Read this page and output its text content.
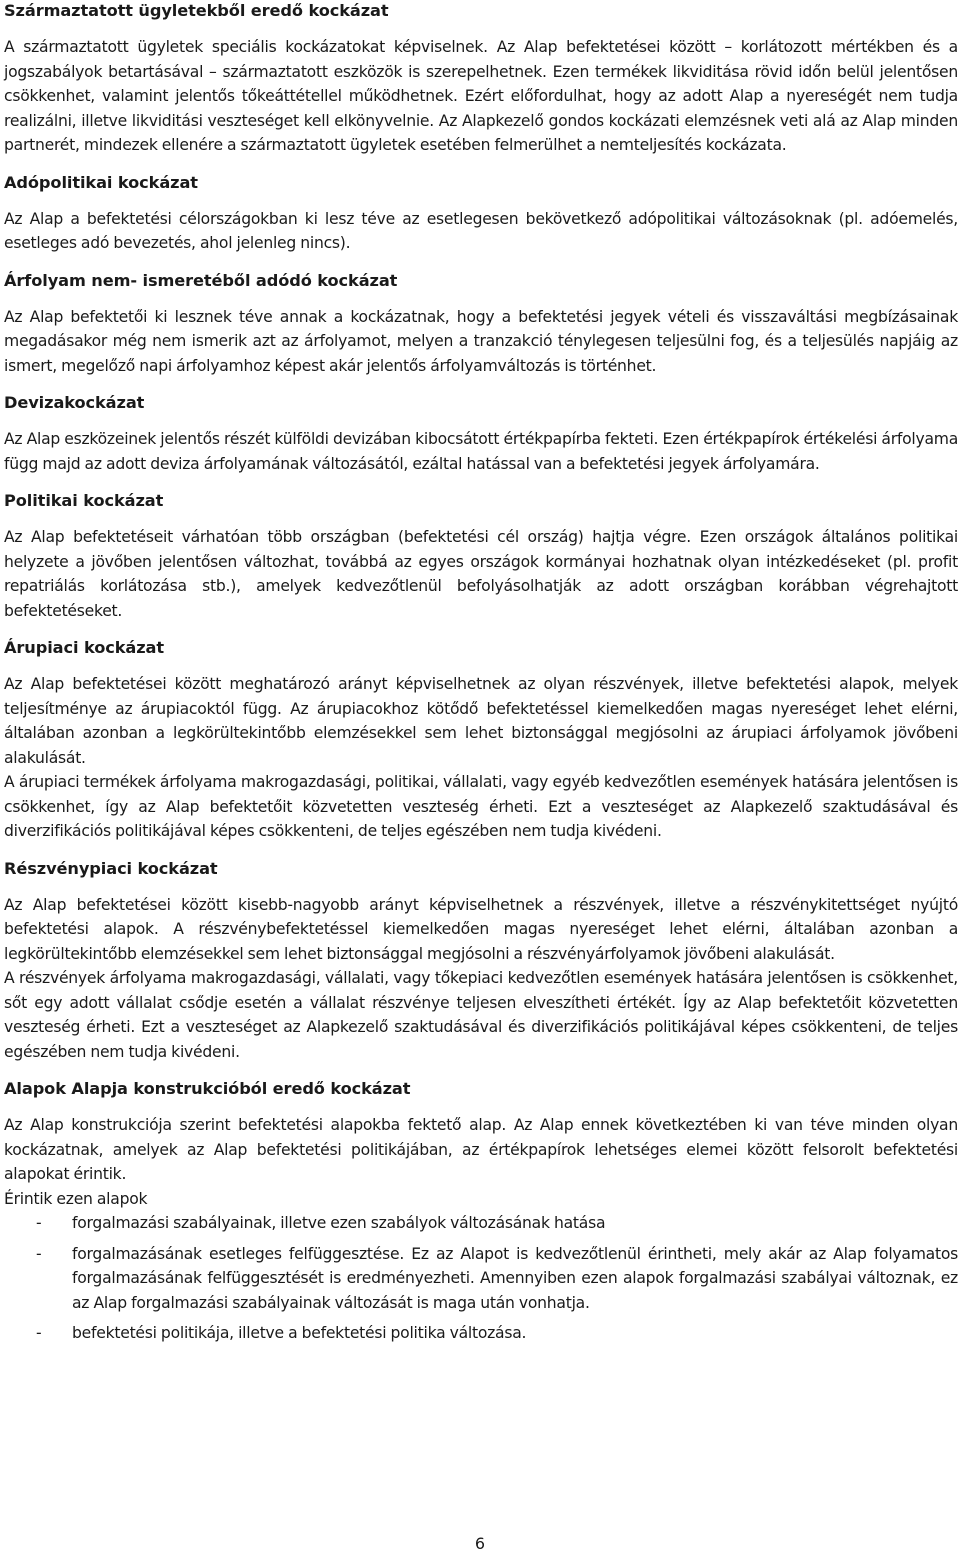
Származtatott ügyletekből eredő kockázat

A származtatott ügyletek speciális kockázatokat képviselnek. Az Alap befektetései között – korlátozott mértékben és a jogszabályok betartásával – származtatott eszközök is szerepelhetnek. Ezen termékek likviditása rövid időn belül jelentősen csökkenhet, valamint jelentős tőkeáttétellel működhetnek. Ezért előfordulhat, hogy az adott Alap a nyereségét nem tudja realizálni, illetve likviditási veszteséget kell elkönyvelnie. Az Alapkezelő gondos kockázati elemzésnek veti alá az Alap minden partnerét, mindezek ellenére a származtatott ügyletek esetében felmerülhet a nemteljesítés kockázata.

Adópolitikai kockázat

Az Alap a befektetési célországokban ki lesz téve az esetlegesen bekövetkező adópolitikai változásoknak (pl. adóemelés, esetleges adó bevezetés, ahol jelenleg nincs).

Árfolyam nem- ismeretéből adódó kockázat

Az Alap befektetői ki lesznek téve annak a kockázatnak, hogy a befektetési jegyek vételi és visszaváltási megbízásainak megadásakor még nem ismerik azt az árfolyamot, melyen a tranzakció ténylegesen teljesülni fog, és a teljesülés napjáig az ismert, megelőző napi árfolyamhoz képest akár jelentős árfolyamváltozás is történhet.

Devizakockázat

Az Alap eszközeinek jelentős részét külföldi devizában kibocsátott értékpapírba fekteti. Ezen értékpapírok értékelési árfolyama függ majd az adott deviza árfolyamának változásától, ezáltal hatással van a befektetési jegyek árfolyamára.

Politikai kockázat

Az Alap befektetéseit várhatóan több országban (befektetési cél ország) hajtja végre. Ezen országok általános politikai helyzete a jövőben jelentősen változhat, továbbá az egyes országok kormányai hozhatnak olyan intézkedéseket (pl. profit repatriálás korlátozása stb.), amelyek kedvezőtlenül befolyásolhatják az adott országban korábban végrehajtott befektetéseket.

Árupiaci kockázat

Az Alap befektetései között meghatározó arányt képviselhetnek az olyan részvények, illetve befektetési alapok, melyek teljesítménye az árupiacoktól függ. Az árupiacokhoz kötődő befektetéssel kiemelkedően magas nyereséget lehet elérni, általában azonban a legkörültekintőbb elemzésekkel sem lehet biztonsággal megjósolni az árupiaci árfolyamok jövőbeni alakulását.

A árupiaci termékek árfolyama makrogazdasági, politikai, vállalati, vagy egyéb kedvezőtlen események hatására jelentősen is csökkenhet, így az Alap befektetőit közvetetten veszteség érheti. Ezt a veszteséget az Alapkezelő szaktudásával és diverzifikációs politikájával képes csökkenteni, de teljes egészében nem tudja kivédeni.

Részvénypiaci kockázat

Az Alap befektetései között kisebb-nagyobb arányt képviselhetnek a részvények, illetve a részvénykitettséget nyújtó befektetési alapok. A részvénybefektetéssel kiemelkedően magas nyereséget lehet elérni, általában azonban a legkörültekintőbb elemzésekkel sem lehet biztonsággal megjósolni a részvényárfolyamok jövőbeni alakulását.

A részvények árfolyama makrogazdasági, vállalati, vagy tőkepiaci kedvezőtlen események hatására jelentősen is csökkenhet, sőt egy adott vállalat csődje esetén a vállalat részvénye teljesen elveszítheti értékét. Így az Alap befektetőit közvetetten veszteség érheti. Ezt a veszteséget az Alapkezelő szaktudásával és diverzifikációs politikájával képes csökkenteni, de teljes egészében nem tudja kivédeni.

Alapok Alapja konstrukcióból eredő kockázat

Az Alap konstrukciója szerint befektetési alapokba fektető alap. Az Alap ennek következtében ki van téve minden olyan kockázatnak, amelyek az Alap befektetési politikájában, az értékpapírok lehetséges elemei között felsorolt befektetési alapokat érintik.

Érintik ezen alapok

- forgalmazási szabályainak, illetve ezen szabályok változásának hatása
- forgalmazásának esetleges felfüggesztése. Ez az Alapot is kedvezőtlenül érintheti, mely akár az Alap folyamatos forgalmazásának felfüggesztését is eredményezheti. Amennyiben ezen alapok forgalmazási szabályai változnak, ez az Alap forgalmazási szabályainak változását is maga után vonhatja.
- befektetési politikája, illetve a befektetési politika változása.
6
